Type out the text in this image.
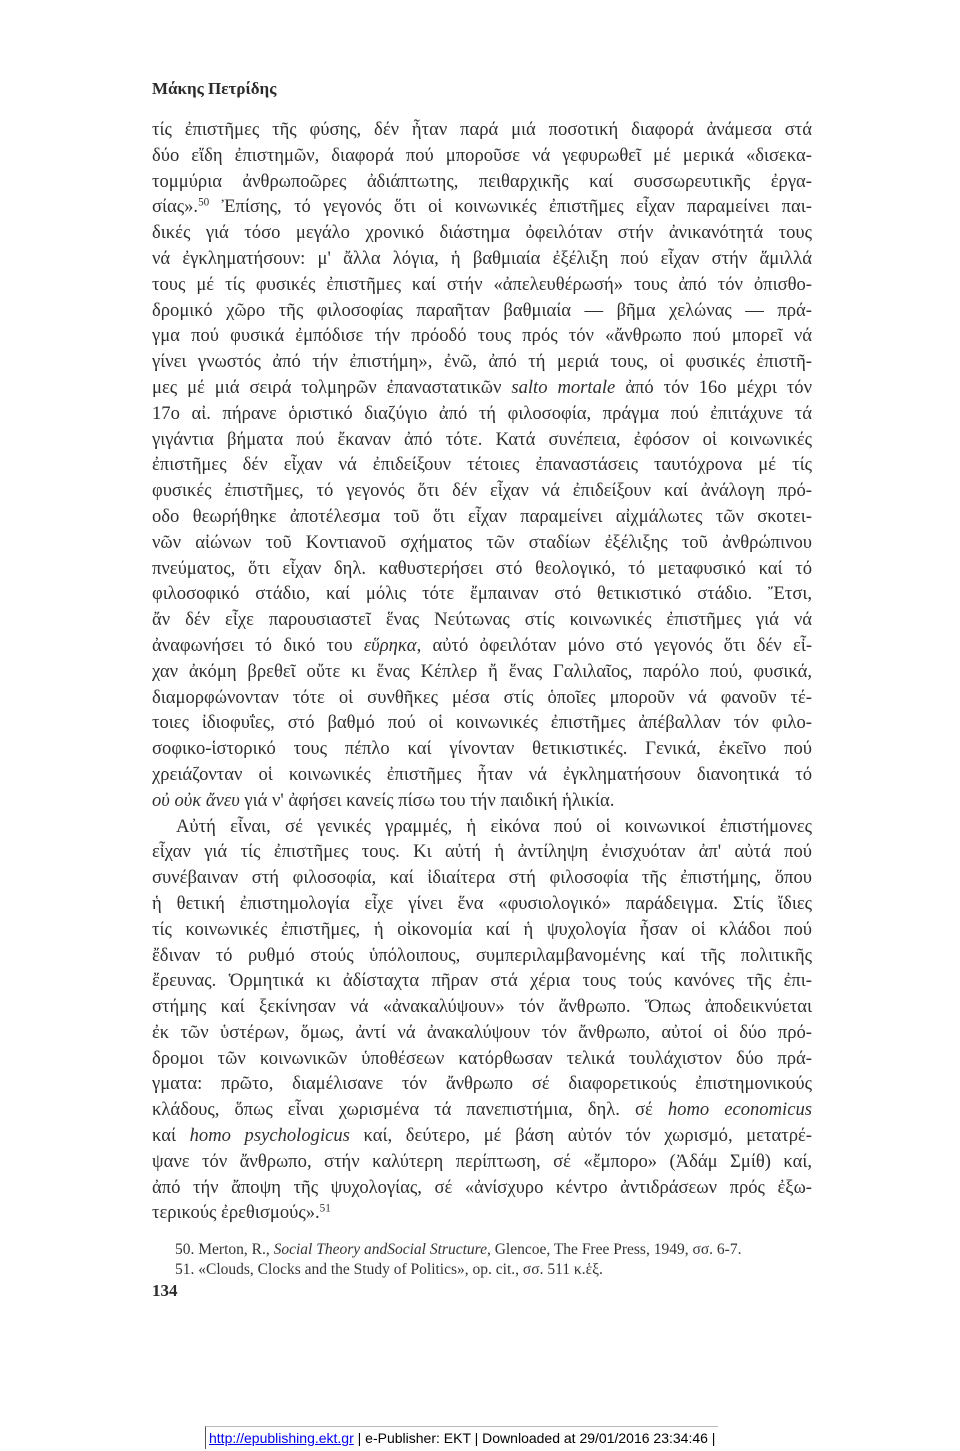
Μάκης Πετρίδης
τίς ἐπιστῆμες τῆς φύσης, δέν ἦταν παρά μιά ποσοτική διαφορά ἀνάμεσα στά
δύο εἴδη ἐπιστημῶν, διαφορά πού μποροῦσε νά γεφυρωθεῖ μέ μερικά «δισεκα-
τομμύρια ἀνθρωποῶρες ἀδιάπτωτης, πειθαρχικῆς καί συσσωρευτικῆς ἐργα-
σίας».$^{50}$ Ἐπίσης, τό γεγονός ὅτι οἱ κοινωνικές ἐπιστῆμες εἶχαν παραμείνει παι-
δικές γιά τόσο μεγάλο χρονικό διάστημα ὀφειλόταν στήν ἀνικανότητά τους
νά ἐγκληματήσουν: μ' ἄλλα λόγια, ἡ βαθμιαία ἐξέλιξη πού εἶχαν στήν ἅμιλλά
τους μέ τίς φυσικές ἐπιστῆμες καί στήν «ἀπελευθέρωσή» τους ἀπό τόν ὀπισθο-
δρομικό χῶρο τῆς φιλοσοφίας παραῆταν βαθμιαία — βῆμα χελώνας — πρά-
γμα πού φυσικά ἐμπόδισε τήν πρόοδό τους πρός τόν «ἄνθρωπο πού μπορεῖ νά
γίνει γνωστός ἀπό τήν ἐπιστήμη», ἐνῶ, ἀπό τή μεριά τους, οἱ φυσικές ἐπιστῆ-
μες μέ μιά σειρά τολμηρῶν ἐπαναστατικῶν salto mortale ἀπό τόν 16ο μέχρι τόν
17ο αἰ. πήρανε ὁριστικό διαζύγιο ἀπό τή φιλοσοφία, πράγμα πού ἐπιτάχυνε τά
γιγάντια βήματα πού ἔκαναν ἀπό τότε. Κατά συνέπεια, ἐφόσον οἱ κοινωνικές
ἐπιστῆμες δέν εἶχαν νά ἐπιδείξουν τέτοιες ἐπαναστάσεις ταυτόχρονα μέ τίς
φυσικές ἐπιστῆμες, τό γεγονός ὅτι δέν εἶχαν νά ἐπιδείξουν καί ἀνάλογη πρό-
οδο θεωρήθηκε ἀποτέλεσμα τοῦ ὅτι εἶχαν παραμείνει αἰχμάλωτες τῶν σκοτει-
νῶν αἰώνων τοῦ Κοντιανοῦ σχήματος τῶν σταδίων ἐξέλιξης τοῦ ἀνθρώπινου
πνεύματος, ὅτι εἶχαν δηλ. καθυστερήσει στό θεολογικό, τό μεταφυσικό καί τό
φιλοσοφικό στάδιο, καί μόλις τότε ἔμπαιναν στό θετικιστικό στάδιο. Ἔτσι,
ἄν δέν εἶχε παρουσιαστεῖ ἕνας Νεύτωνας στίς κοινωνικές ἐπιστῆμες γιά νά
ἀναφωνήσει τό δικό του εὕρηκα, αὐτό ὀφειλόταν μόνο στό γεγονός ὅτι δέν εἶ-
χαν ἀκόμη βρεθεῖ οὔτε κι ἕνας Κέπλερ ἤ ἕνας Γαλιλαῖος, παρόλο πού, φυσικά,
διαμορφώνονταν τότε οἱ συνθῆκες μέσα στίς ὁποῖες μποροῦν νά φανοῦν τέ-
τοιες ἰδιοφυΐες, στό βαθμό πού οἱ κοινωνικές ἐπιστῆμες ἀπέβαλλαν τόν φιλο-
σοφικο-ἱστορικό τους πέπλο καί γίνονταν θετικιστικές. Γενικά, ἐκεῖνο πού
χρειάζονταν οἱ κοινωνικές ἐπιστῆμες ἦταν νά ἐγκληματήσουν διανοητικά τό
οὐ οὐκ ἄνευ γιά ν' ἀφήσει κανείς πίσω του τήν παιδική ἡλικία.
Αὐτή εἶναι, σέ γενικές γραμμές, ἡ εἰκόνα πού οἱ κοινωνικοί ἐπιστήμονες
εἶχαν γιά τίς ἐπιστῆμες τους. Κι αὐτή ἡ ἀντίληψη ἐνισχυόταν ἀπ' αὐτά πού
συνέβαιναν στή φιλοσοφία, καί ἰδιαίτερα στή φιλοσοφία τῆς ἐπιστήμης, ὅπου
ἡ θετική ἐπιστημολογία εἶχε γίνει ἕνα «φυσιολογικό» παράδειγμα. Στίς ἴδιες
τίς κοινωνικές ἐπιστῆμες, ἡ οἰκονομία καί ἡ ψυχολογία ἦσαν οἱ κλάδοι πού
ἔδιναν τό ρυθμό στούς ὑπόλοιπους, συμπεριλαμβανομένης καί τῆς πολιτικῆς
ἔρευνας. Ὁρμητικά κι ἀδίσταχτα πῆραν στά χέρια τους τούς κανόνες τῆς ἐπι-
στήμης καί ξεκίνησαν νά «ἀνακαλύψουν» τόν ἄνθρωπο. Ὅπως ἀποδεικνύεται
ἐκ τῶν ὑστέρων, ὅμως, ἀντί νά ἀνακαλύψουν τόν ἄνθρωπο, αὐτοί οἱ δύο πρό-
δρομοι τῶν κοινωνικῶν ὑποθέσεων κατόρθωσαν τελικά τουλάχιστον δύο πρά-
γματα: πρῶτο, διαμέλισανε τόν ἄνθρωπο σέ διαφορετικούς ἐπιστημονικούς
κλάδους, ὅπως εἶναι χωρισμένα τά πανεπιστήμια, δηλ. σέ homo economicus
καί homo psychologicus καί, δεύτερο, μέ βάση αὐτόν τόν χωρισμό, μετατρέ-
ψανε τόν ἄνθρωπο, στήν καλύτερη περίπτωση, σέ «ἔμπορο» (Ἀδάμ Σμίθ) καί,
ἀπό τήν ἄποψη τῆς ψυχολογίας, σέ «ἀνίσχυρο κέντρο ἀντιδράσεων πρός ἐξω-
τερικούς ἐρεθισμούς».$^{51}$
50. Merton, R., Social Theory andSocial Structure, Glencoe, The Free Press, 1949, σσ. 6-7.
51. «Clouds, Clocks and the Study of Politics», op. cit., σσ. 511 κ.ἑξ.
134
http://epublishing.ekt.gr | e-Publisher: EKT | Downloaded at 29/01/2016 23:34:46 |
